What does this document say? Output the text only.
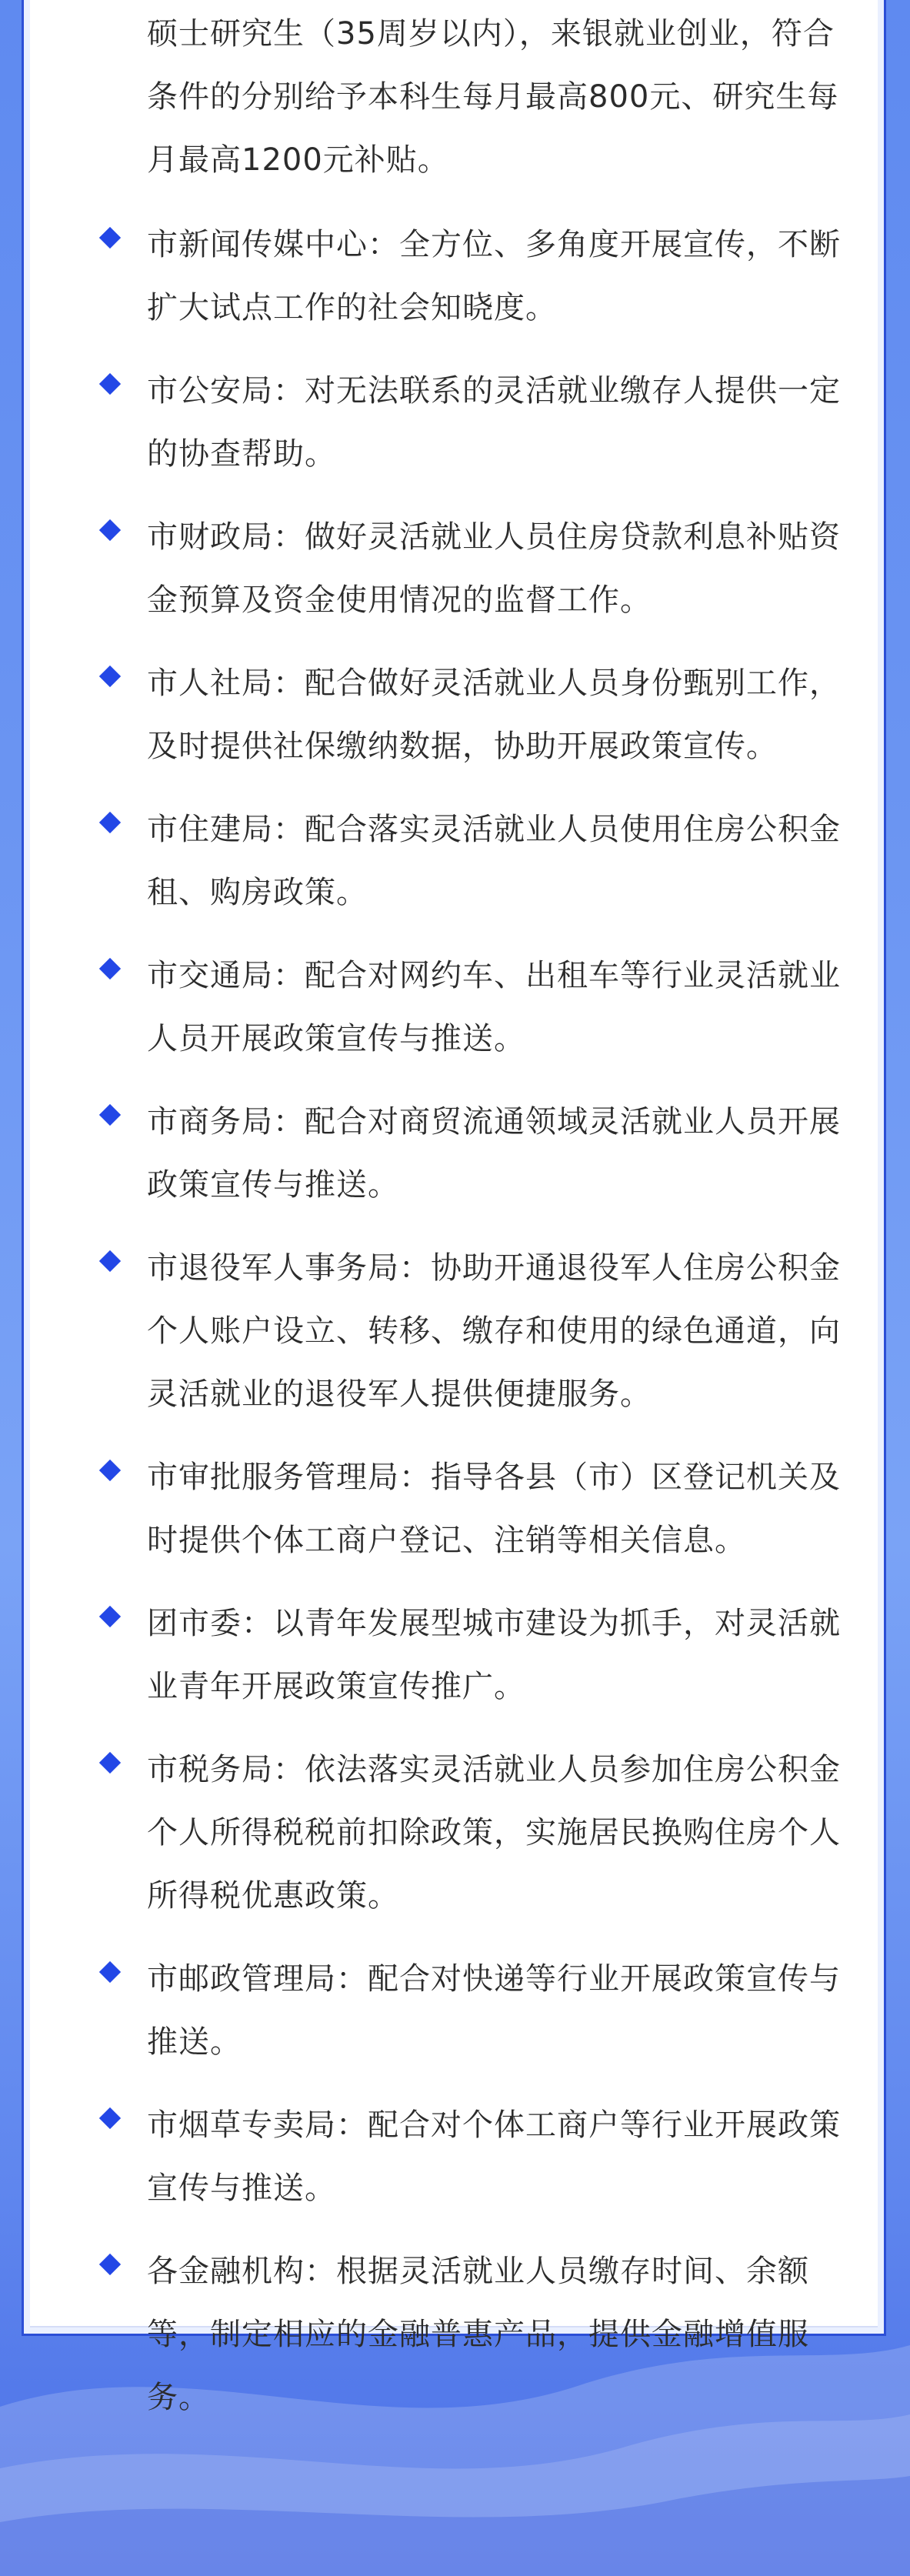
硕士研究生（35周岁以内），来银就业创业，符合条件的分别给予本科生每月最高800元、研究生每月最高1200元补贴。

市新闻传媒中心：全方位、多角度开展宣传，不断扩大试点工作的社会知晓度。

市公安局：对无法联系的灵活就业缴存人提供一定的协查帮助。

市财政局：做好灵活就业人员住房贷款利息补贴资金预算及资金使用情况的监督工作。

市人社局：配合做好灵活就业人员身份甄别工作，及时提供社保缴纳数据，协助开展政策宣传。

市住建局：配合落实灵活就业人员使用住房公积金租、购房政策。

市交通局：配合对网约车、出租车等行业灵活就业人员开展政策宣传与推送。

市商务局：配合对商贸流通领域灵活就业人员开展政策宣传与推送。

市退役军人事务局：协助开通退役军人住房公积金个人账户设立、转移、缴存和使用的绿色通道，向灵活就业的退役军人提供便捷服务。

市审批服务管理局：指导各县（市）区登记机关及时提供个体工商户登记、注销等相关信息。

团市委：以青年发展型城市建设为抓手，对灵活就业青年开展政策宣传推广。

市税务局：依法落实灵活就业人员参加住房公积金个人所得税税前扣除政策，实施居民换购住房个人所得税优惠政策。

市邮政管理局：配合对快递等行业开展政策宣传与推送。

市烟草专卖局：配合对个体工商户等行业开展政策宣传与推送。

各金融机构：根据灵活就业人员缴存时间、余额等，制定相应的金融普惠产品，提供金融增值服务。
